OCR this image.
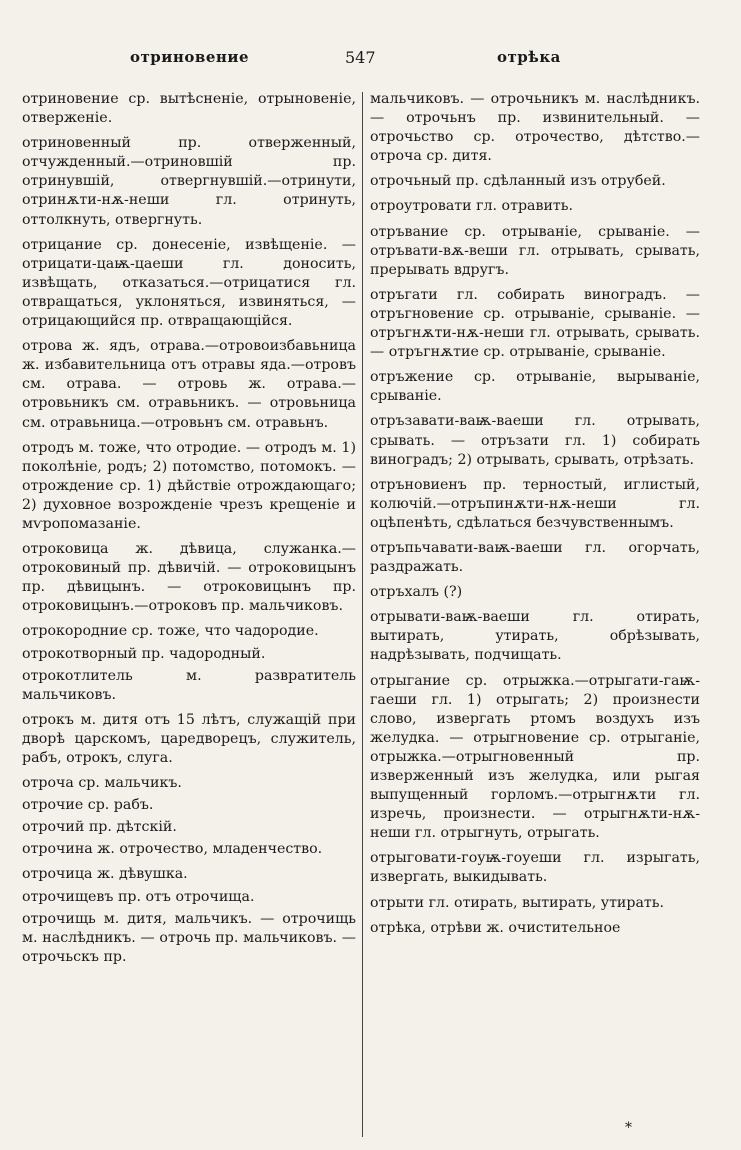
отриновение	547	отрѣка

отриновение ср. вытѣсненіе, отрыновеніе, отверженіе.

отриновенный пр. отверженный, отчужденный.—отриновшій пр. отринувшій, отвергнувшій.—отринути, отринѫти-нѫ-неши гл. отринуть, оттолкнуть, отвергнуть.

отрицание ср. донесеніе, извѣщеніе. — отрицати-цаѭ-цаеши гл. доносить, извѣщать, отказаться.—отрицатися гл. отвращаться, уклоняться, извиняться, — отрицающийся пр. отвращающійся.

отрова ж. ядъ, отрава.—отровоизбавьница ж. избавительница отъ отравы яда.—отровъ см. отрава. — отровь ж. отрава.— отровьникъ см. отравьникъ. — отровьница см. отравьница.—отровьнъ см. отравьнъ.

отродъ м. тоже, что отродие. — отродъ м. 1) поколѣніе, родъ; 2) потомство, потомокъ. — отрождение ср. 1) дѣйствіе отрождающаго; 2) духовное возрожденіе чрезъ крещеніе и мѵропомазаніе.

отроковица ж. дѣвица, служанка.— отроковиный пр. дѣвичій. — отроковицынъ пр. дѣвицынъ. — отроковицынъ пр. отроковицынъ.—отроковъ пр. мальчиковъ.

отрокородние ср. тоже, что чадородие.

отрокотворный пр. чадородный.

отрокотлитель м. развратитель мальчиковъ.

отрокъ м. дитя отъ 15 лѣтъ, служащій при дворѣ царскомъ, царедворецъ, служитель, рабъ, отрокъ, слуга.

отроча ср. мальчикъ.

отрочие ср. рабъ.

отрочий пр. дѣтскій.

отрочина ж. отрочество, младенчество.

отрочица ж. дѣвушка.

отрочищевъ пр. отъ отрочища.

отрочищь м. дитя, мальчикъ. — отрочищь м. наслѣдникъ. — отрочь пр. мальчиковъ. — отрочьскъ пр.

мальчиковъ. — отрочьникъ м. наслѣдникъ. — отрочьнъ пр. извинительный. — отрочьство ср. отрочество, дѣтство.—отроча ср. дитя.

отрочьный пр. сдѣланный изъ отрубей.

отроутровати гл. отравить.

отръвание ср. отрываніе, срываніе. — отръвати-вѫ-веши гл. отрывать, срывать, прерывать вдругъ.

отръгати гл. собирать виноградъ. — отръгновение ср. отрываніе, срываніе. — отръгнѫти-нѫ-неши гл. отрывать, срывать. — отръгнѫтие ср. отрываніе, срываніе.

отръжение ср. отрываніе, вырываніе, срываніе.

отръзавати-ваѭ-ваеши гл. отрывать, срывать. — отръзати гл. 1) собирать виноградъ; 2) отрывать, срывать, отрѣзать.

отръновиенъ пр. терностый, иглистый, колючій.—отръпинѫти-нѫ-неши гл. оцѣпенѣть, сдѣлаться безчувственнымъ.

отръпьчавати-ваѭ-ваеши гл. огорчать, раздражать.

отръхалъ (?)

отрывати-ваѭ-ваеши гл. отирать, вытирать, утирать, обрѣзывать, надрѣзывать, подчищать.

отрыгание ср. отрыжка.—отрыгати-гаѭ-гаеши гл. 1) отрыгать; 2) произнести слово, извергать ртомъ воздухъ изъ желудка. — отрыгновение ср. отрыганіе, отрыжка.—отрыгновенный пр. изверженный изъ желудка, или рыгая выпущенный горломъ.—отрыгнѫти гл. изречь, произнести. — отрыгнѫти-нѫ-неши гл. отрыгнуть, отрыгать.

отрыговати-гоуѭ-гоуеши гл. изрыгать, извергать, выкидывать.

отрыти гл. отирать, вытирать, утирать.

отрѣка, отрѣви ж. очистительное

*
